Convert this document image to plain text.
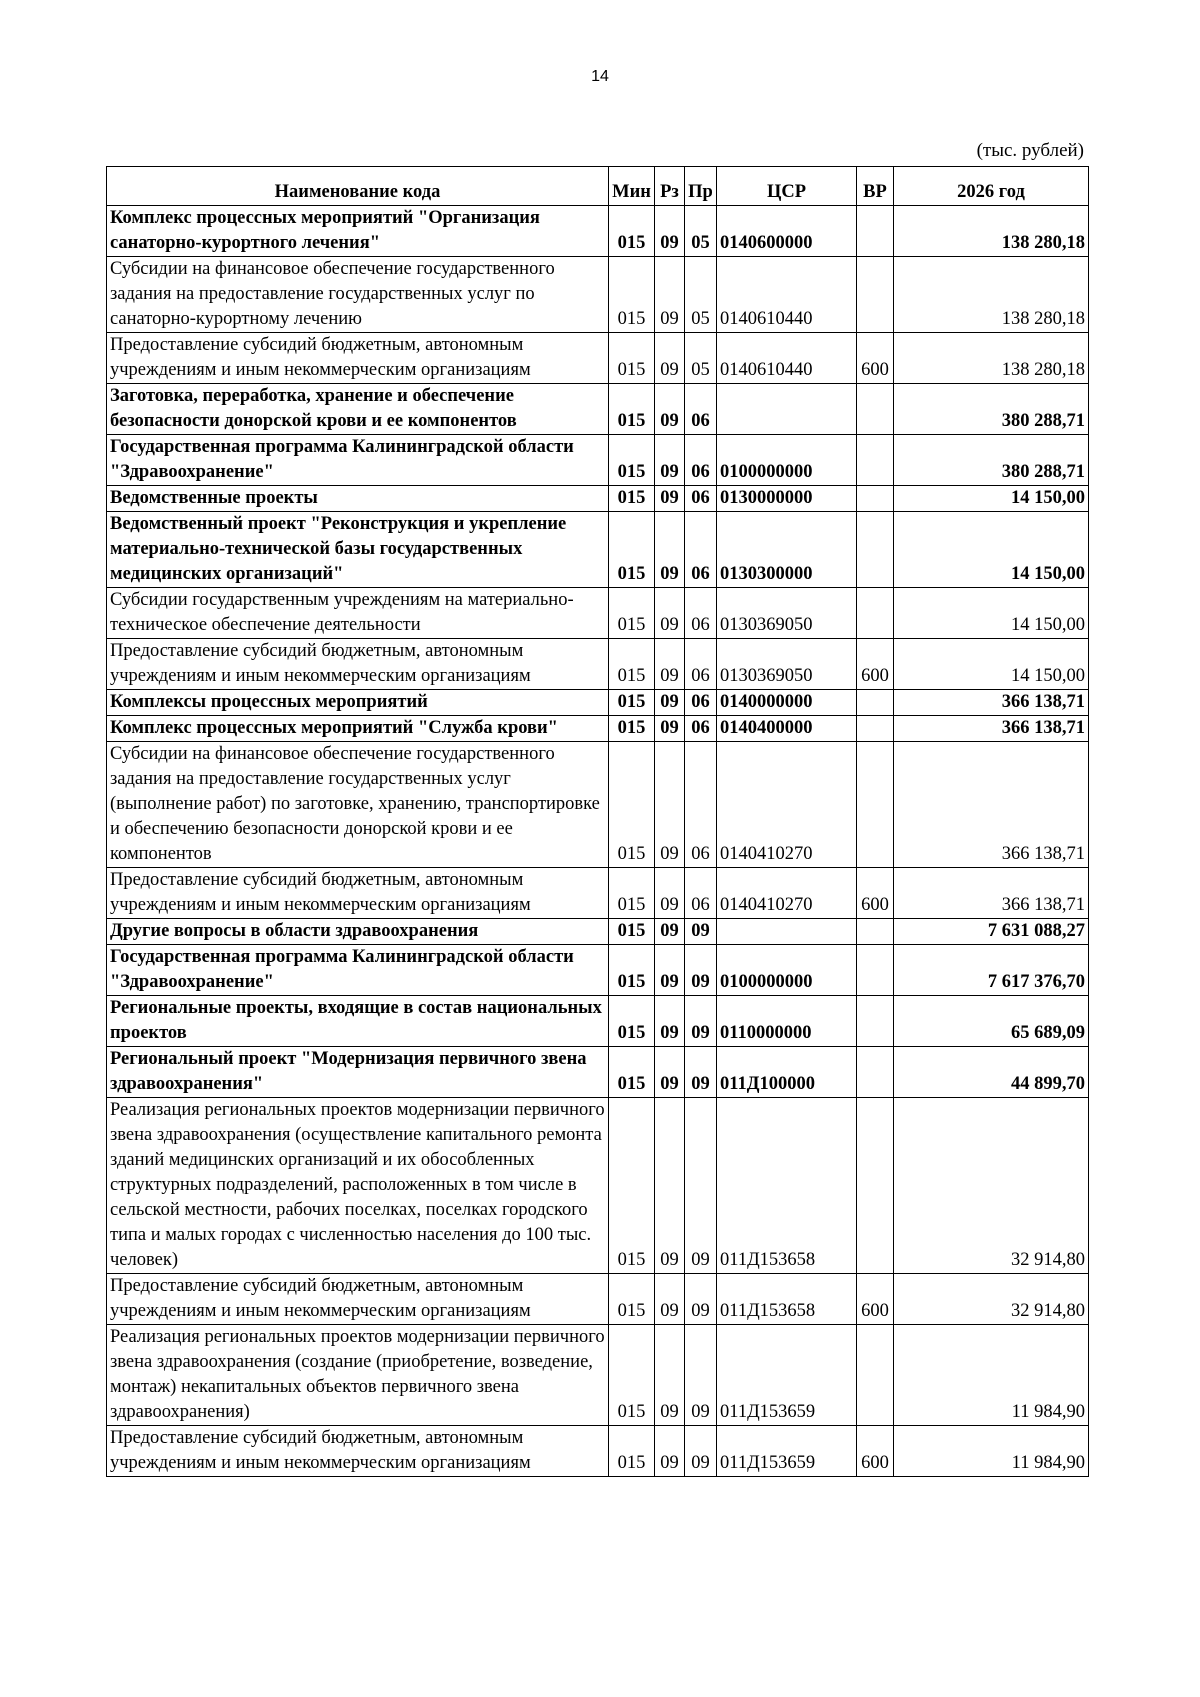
14
(тыс. рублей)
Наименование кода	Мин	Рз	Пр	ЦСР	ВР	2026 год
Комплекс процессных мероприятий "Организация санаторно-курортного лечения"	015	09	05	0140600000		138 280,18
Субсидии на финансовое обеспечение государственного задания на предоставление государственных услуг по санаторно-курортному лечению	015	09	05	0140610440		138 280,18
Предоставление субсидий бюджетным, автономным учреждениям и иным некоммерческим организациям	015	09	05	0140610440	600	138 280,18
Заготовка, переработка, хранение и обеспечение безопасности донорской крови и ее компонентов	015	09	06			380 288,71
Государственная программа Калининградской области "Здравоохранение"	015	09	06	0100000000		380 288,71
Ведомственные проекты	015	09	06	0130000000		14 150,00
Ведомственный проект "Реконструкция и укрепление материально-технической базы государственных медицинских организаций"	015	09	06	0130300000		14 150,00
Субсидии государственным учреждениям на материально-техническое обеспечение деятельности	015	09	06	0130369050		14 150,00
Предоставление субсидий бюджетным, автономным учреждениям и иным некоммерческим организациям	015	09	06	0130369050	600	14 150,00
Комплексы процессных мероприятий	015	09	06	0140000000		366 138,71
Комплекс процессных мероприятий "Служба крови"	015	09	06	0140400000		366 138,71
Субсидии на финансовое обеспечение государственного задания на предоставление государственных услуг (выполнение работ) по заготовке, хранению, транспортировке и обеспечению безопасности донорской крови и ее компонентов	015	09	06	0140410270		366 138,71
Предоставление субсидий бюджетным, автономным учреждениям и иным некоммерческим организациям	015	09	06	0140410270	600	366 138,71
Другие вопросы в области здравоохранения	015	09	09			7 631 088,27
Государственная программа Калининградской области "Здравоохранение"	015	09	09	0100000000		7 617 376,70
Региональные проекты, входящие в состав национальных проектов	015	09	09	0110000000		65 689,09
Региональный проект "Модернизация первичного звена здравоохранения"	015	09	09	011Д100000		44 899,70
Реализация региональных проектов модернизации первичного звена здравоохранения (осуществление капитального ремонта зданий медицинских организаций и их обособленных структурных подразделений, расположенных в том числе в сельской местности, рабочих поселках, поселках городского типа и малых городах с численностью населения до 100 тыс. человек)	015	09	09	011Д153658		32 914,80
Предоставление субсидий бюджетным, автономным учреждениям и иным некоммерческим организациям	015	09	09	011Д153658	600	32 914,80
Реализация региональных проектов модернизации первичного звена здравоохранения (создание (приобретение, возведение, монтаж) некапитальных объектов первичного звена здравоохранения)	015	09	09	011Д153659		11 984,90
Предоставление субсидий бюджетным, автономным учреждениям и иным некоммерческим организациям	015	09	09	011Д153659	600	11 984,90
